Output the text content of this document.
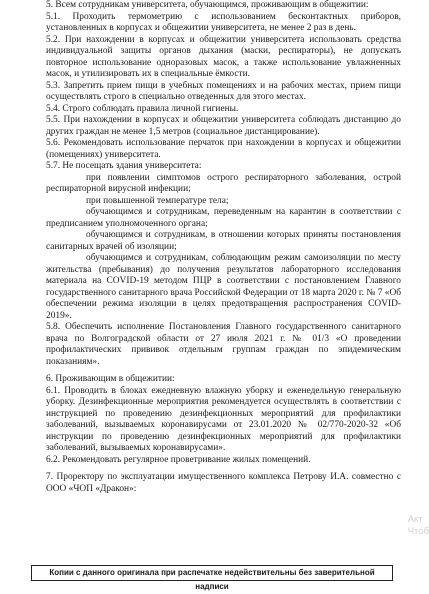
5. Всем сотрудникам университета, обучающимся, проживающим в общежитии:

5.1. Проходить термометрию с использованием бесконтактных приборов, установленных в корпусах и общежитии университета, не менее 2 раз в день.

5.2. При нахождении в корпусах и общежитии университета использовать средства индивидуальной защиты органов дыхания (маски, респираторы), не допускать повторное использование одноразовых масок, а также использование увлажненных масок, и утилизировать их в специальные ёмкости.

5.3. Запретить прием пищи в учебных помещениях и на рабочих местах, прием пищи осуществлять строго в специально отведенных для этого местах.

5.4. Строго соблюдать правила личной гигиены.

5.5. При нахождении в корпусах и общежитии университета соблюдать дистанцию до других граждан не менее 1,5 метров (социальное дистанцирование).

5.6. Рекомендовать использование перчаток при нахождении в корпусах и общежитии (помещениях) университета.

5.7. Не посещать здания университета:

при появлении симптомов острого респираторного заболевания, острой респираторной вирусной инфекции;

при повышенной температуре тела;

обучающимся и сотрудникам, переведенным на карантин в соответствии с предписанием уполномоченного органа;

обучающимся и сотрудникам, в отношении которых приняты постановления санитарных врачей об изоляции;

обучающимся и сотрудникам, соблюдающим режим самоизоляции по месту жительства (пребывания) до получения результатов лабораторного исследования материала на COVID-19 методом ПЦР в соответствии с постановлением Главного государственного санитарного врача Российской Федерации от 18 марта 2020 г. № 7 «Об обеспечении режима изоляции в целях предотвращения распространения COVID-2019».

5.8. Обеспечить исполнение Постановления Главного государственного санитарного врача по Волгоградской области от 27 июля 2021 г. № 01/3 «О проведении профилактических прививок отдельным группам граждан по эпидемическим показаниям».

6. Проживающим в общежитии:

6.1. Проводить в блоках ежедневную влажную уборку и еженедельную генеральную уборку. Дезинфекционные мероприятия рекомендуется осуществлять в соответствии с инструкцией по проведению дезинфекционных мероприятий для профилактики заболеваний, вызываемых коронавирусами от 23.01.2020 № 02/770-2020-32 «Об инструкции по проведению дезинфекционных мероприятий для профилактики заболеваний, вызываемых коронавирусами».

6.2. Рекомендовать регулярное проветривание жилых помещений.

7. Проректору по эксплуатации имущественного комплекса Петрову И.А. совместно с ООО «ЧОП «Дракон»:

Акт
Чтоб
Копии с данного оригинала при распечатке недействительны без заверительной надписи
